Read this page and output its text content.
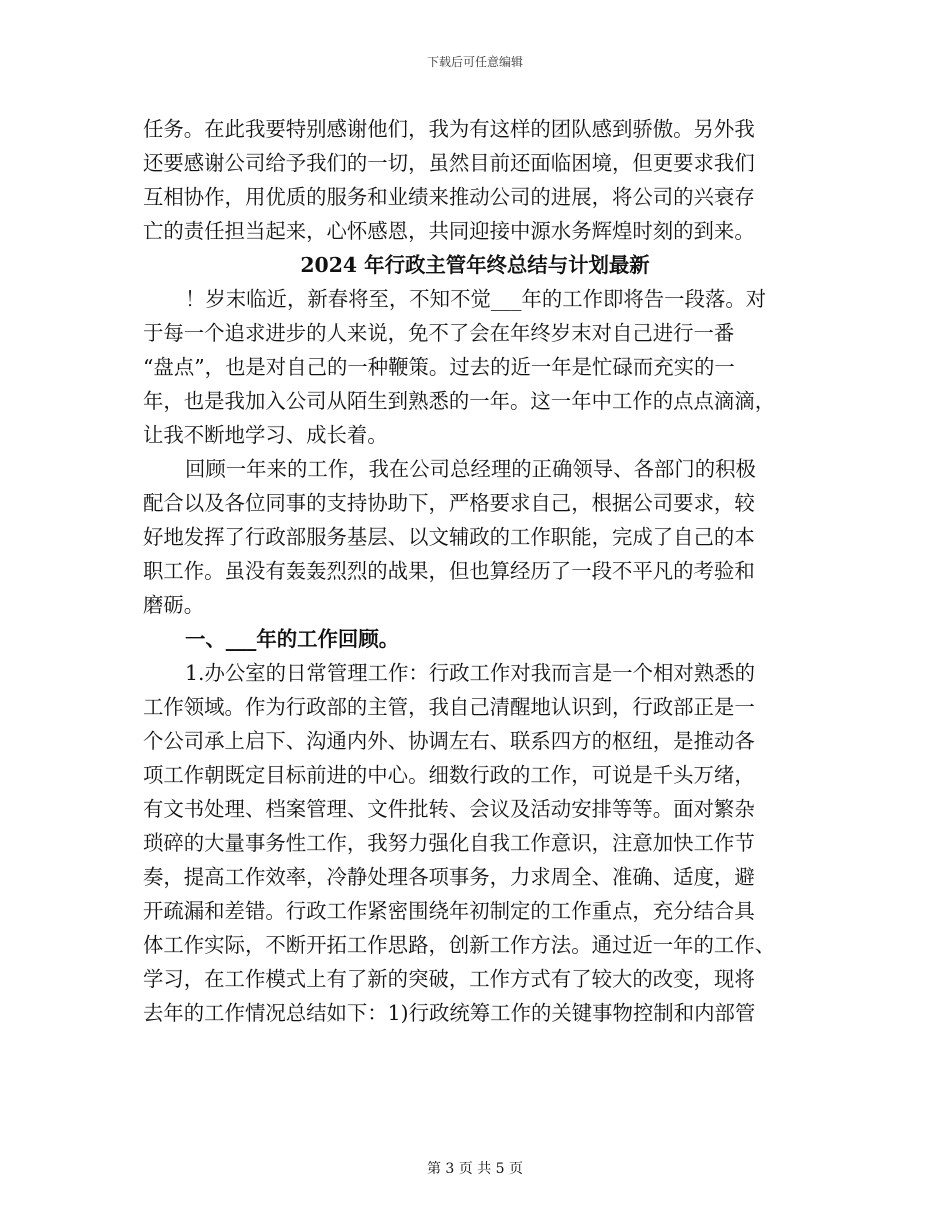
下载后可任意编辑
任务。在此我要特别感谢他们，我为有这样的团队感到骄傲。另外我
还要感谢公司给予我们的一切，虽然目前还面临困境，但更要求我们
互相协作，用优质的服务和业绩来推动公司的进展，将公司的兴衰存
亡的责任担当起来，心怀感恩，共同迎接中源水务辉煌时刻的到来。
2024 年行政主管年终总结与计划最新
！岁末临近，新春将至，不知不觉___年的工作即将告一段落。对
于每一个追求进步的人来说，免不了会在年终岁末对自己进行一番
“盘点”，也是对自己的一种鞭策。过去的近一年是忙碌而充实的一
年，也是我加入公司从陌生到熟悉的一年。这一年中工作的点点滴滴，
让我不断地学习、成长着。
回顾一年来的工作，我在公司总经理的正确领导、各部门的积极
配合以及各位同事的支持协助下，严格要求自己，根据公司要求，较
好地发挥了行政部服务基层、以文辅政的工作职能，完成了自己的本
职工作。虽没有轰轰烈烈的战果，但也算经历了一段不平凡的考验和
磨砺。
一、___年的工作回顾。
1.办公室的日常管理工作：行政工作对我而言是一个相对熟悉的
工作领域。作为行政部的主管，我自己清醒地认识到，行政部正是一
个公司承上启下、沟通内外、协调左右、联系四方的枢纽，是推动各
项工作朝既定目标前进的中心。细数行政的工作，可说是千头万绪，
有文书处理、档案管理、文件批转、会议及活动安排等等。面对繁杂
琐碎的大量事务性工作，我努力强化自我工作意识，注意加快工作节
奏，提高工作效率，冷静处理各项事务，力求周全、准确、适度，避
开疏漏和差错。行政工作紧密围绕年初制定的工作重点，充分结合具
体工作实际，不断开拓工作思路，创新工作方法。通过近一年的工作、
学习，在工作模式上有了新的突破，工作方式有了较大的改变，现将
去年的工作情况总结如下：1)行政统筹工作的关键事物控制和内部管
第 3 页 共 5 页
